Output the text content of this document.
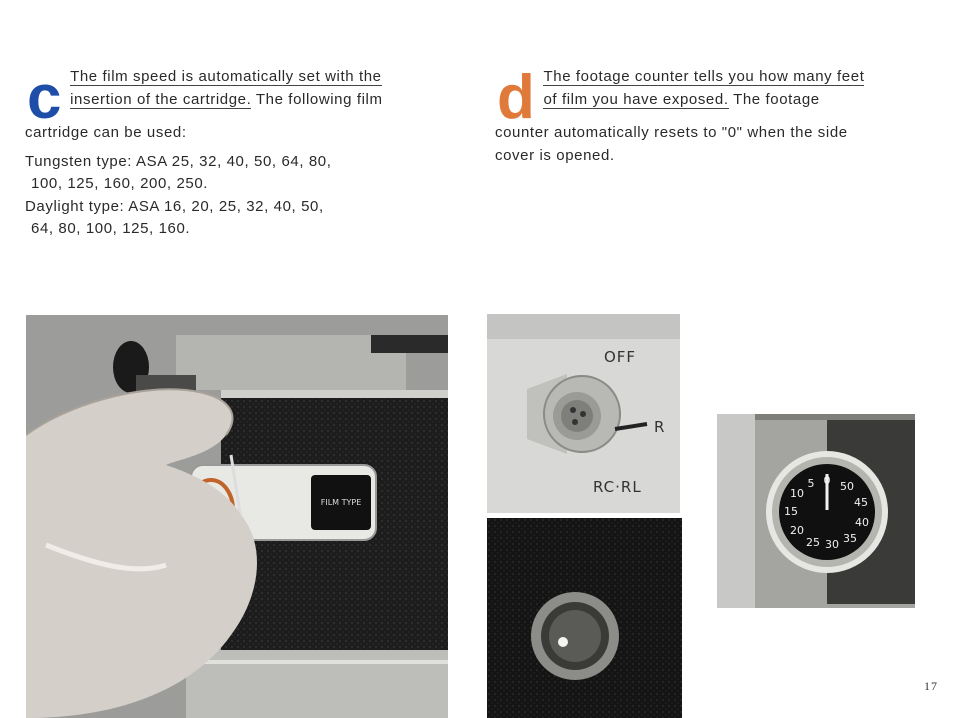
c The film speed is automatically set with the

insertion of the cartridge. The following film

cartridge can be used:

Tungsten type: ASA 25, 32, 40, 50, 64, 80,

100, 125, 160, 200, 250.

Daylight type: ASA 16, 20, 25, 32, 40, 50,

64, 80, 100, 125, 160.

d The footage counter tells you how many feet

of film you have exposed. The footage

counter automatically resets to "0" when the side

cover is opened.

FILM TYPE
OFF
R
RC·RL	0
5
10
15
20
25 30 35
40
45
50
17
